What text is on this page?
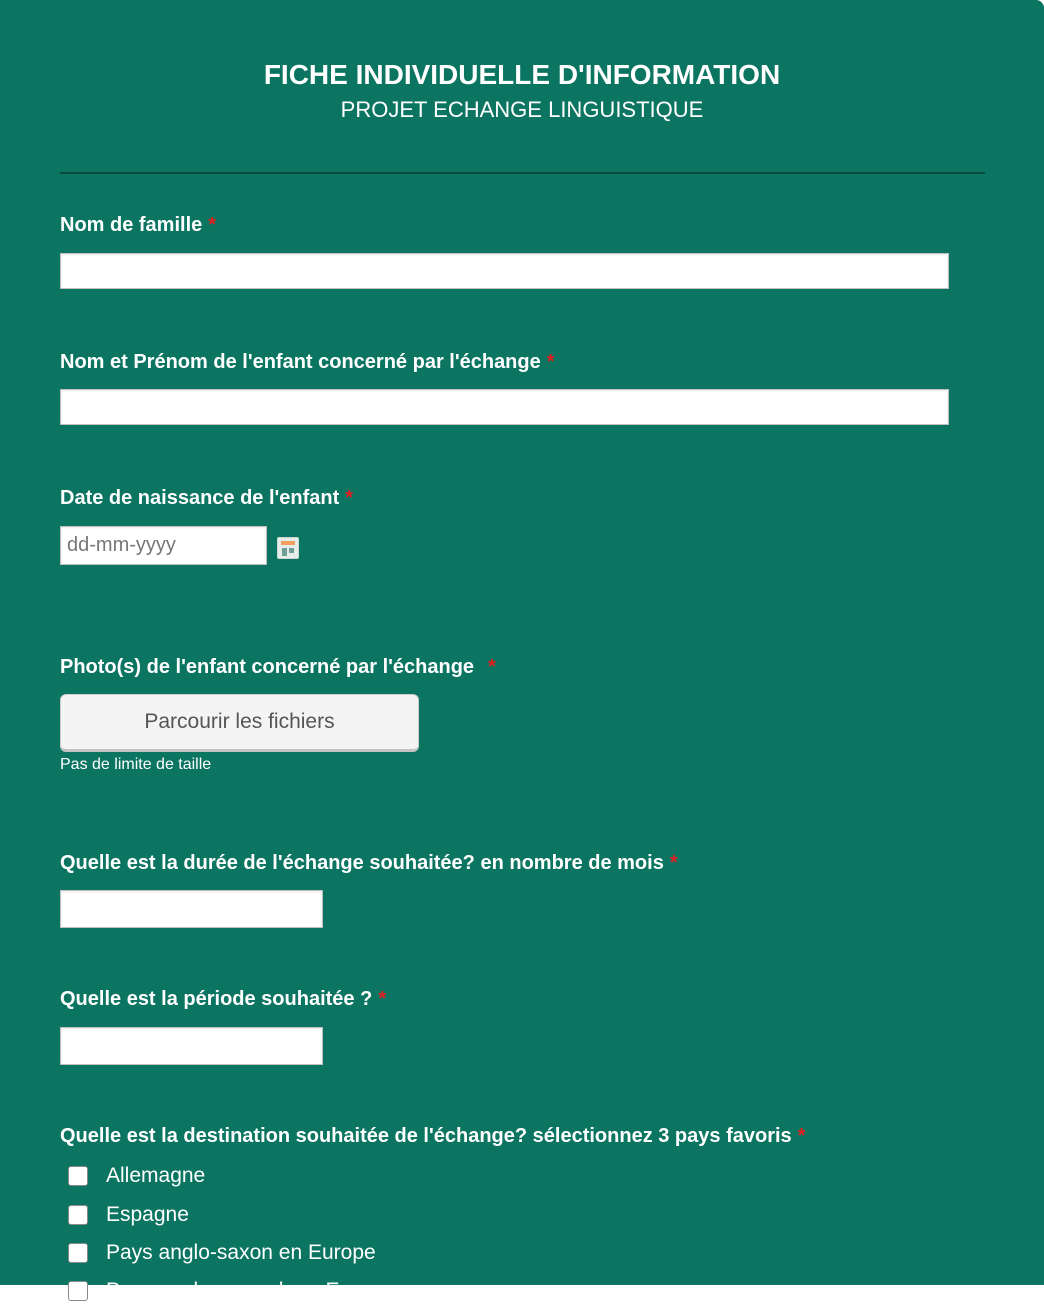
FICHE INDIVIDUELLE D'INFORMATION
PROJET ECHANGE LINGUISTIQUE
Nom de famille *
Nom et Prénom de l'enfant concerné par l'échange *
Date de naissance de l'enfant *
dd-mm-yyyy
Photo(s) de l'enfant concerné par l'échange *
Parcourir les fichiers
Pas de limite de taille
Quelle est la durée de l'échange souhaitée? en nombre de mois *
Quelle est la période souhaitée ? *
Quelle est la destination souhaitée de l'échange? sélectionnez 3 pays favoris *
Allemagne
Espagne
Pays anglo-saxon en Europe
Pays anglo-saxon hors Europe
